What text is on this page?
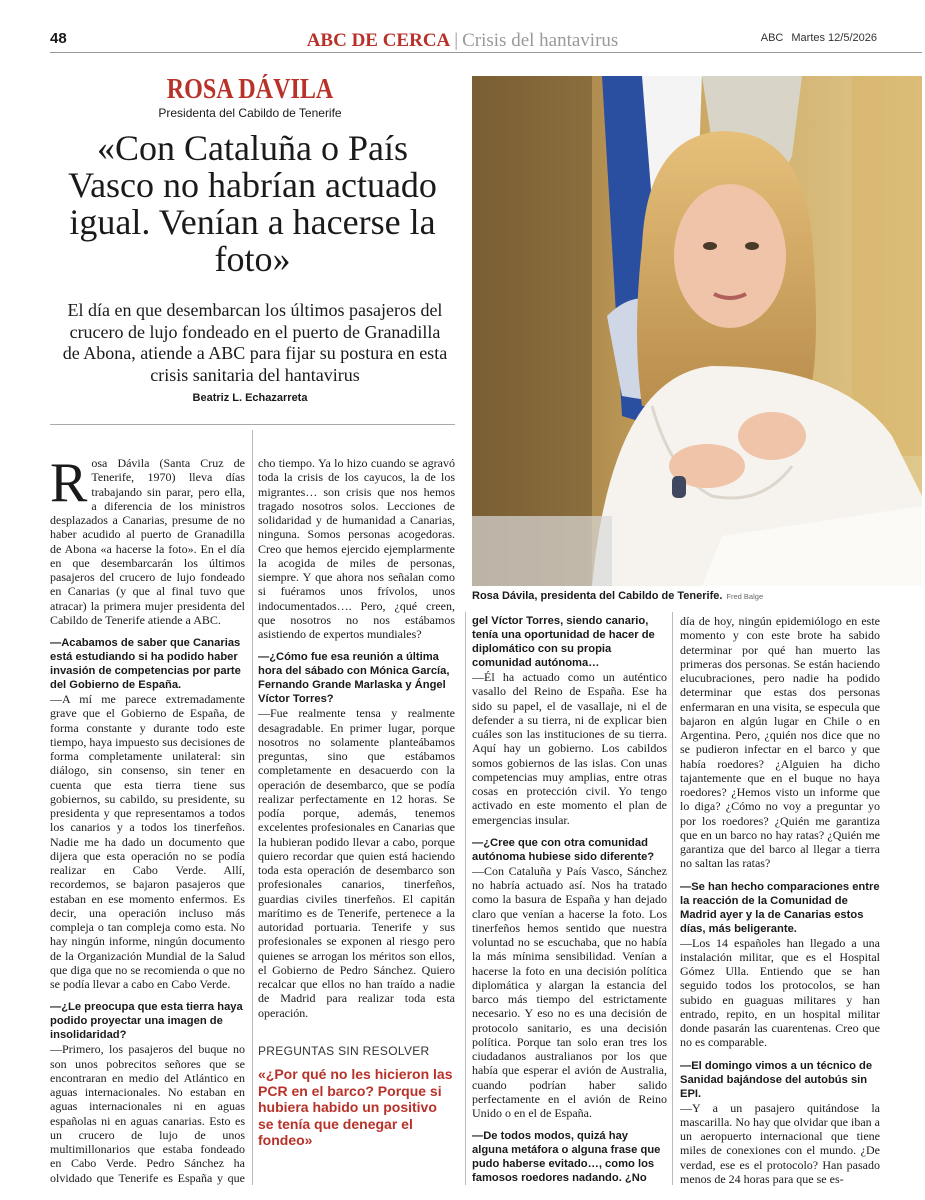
48	ABC DE CERCA | Crisis del hantavirus	ABC Martes 12/5/2026
ROSA DÁVILA
Presidenta del Cabildo de Tenerife
«Con Cataluña o País Vasco no habrían actuado igual. Venían a hacerse la foto»
El día en que desembarcan los últimos pasajeros del crucero de lujo fondeado en el puerto de Granadilla de Abona, atiende a ABC para fijar su postura en esta crisis sanitaria del hantavirus
Beatriz L. Echazarreta
Rosa Dávila, presidenta del Cabildo de Tenerife. Fred Balge

Rosa Dávila (Santa Cruz de Tenerife, 1970) lleva días trabajando sin parar, pero ella, a diferencia de los ministros desplazados a Canarias, presume de no haber acudido al puerto de Granadilla de Abona «a hacerse la foto». En el día en que desembarcarán los últimos pasajeros del crucero de lujo fondeado en Canarias (y que al final tuvo que atracar) la primera mujer presidenta del Cabildo de Tenerife atiende a ABC.

—Acabamos de saber que Canarias está estudiando si ha podido haber invasión de competencias por parte del Gobierno de España.

—A mí me parece extremadamente grave que el Gobierno de España, de forma constante y durante todo este tiempo, haya impuesto sus decisiones de forma completamente unilateral: sin diálogo, sin consenso, sin tener en cuenta que esta tierra tiene sus gobiernos, su cabildo, su presidente, su presidenta y que representamos a todos los canarios y a todos los tinerfeños. Nadie me ha dado un documento que dijera que esta operación no se podía realizar en Cabo Verde. Allí, recordemos, se bajaron pasajeros que estaban en ese momento enfermos. Es decir, una operación incluso más compleja o tan compleja como esta. No hay ningún informe, ningún documento de la Organización Mundial de la Salud que diga que no se recomienda o que no se podía llevar a cabo en Cabo Verde.

—¿Le preocupa que esta tierra haya podido proyectar una imagen de insolidaridad?

—Primero, los pasajeros del buque no son unos pobrecitos señores que se encontraran en medio del Atlántico en aguas internacionales. No estaban en aguas internacionales ni en aguas españolas ni en aguas canarias. Esto es un crucero de lujo de unos multimillonarios que estaba fondeado en Cabo Verde. Pedro Sánchez ha olvidado que Tenerife es España y que

cho tiempo. Ya lo hizo cuando se agravó toda la crisis de los cayucos, la de los migrantes… son crisis que nos hemos tragado nosotros solos. Lecciones de solidaridad y de humanidad a Canarias, ninguna. Somos personas acogedoras. Creo que hemos ejercido ejemplarmente la acogida de miles de personas, siempre. Y que ahora nos señalan como si fuéramos unos frívolos, unos indocumentados…. Pero, ¿qué creen, que nosotros no nos estábamos asistiendo de expertos mundiales?

—¿Cómo fue esa reunión a última hora del sábado con Mónica García, Fernando Grande Marlaska y Ángel Víctor Torres?

—Fue realmente tensa y realmente desagradable. En primer lugar, porque nosotros no solamente planteábamos preguntas, sino que estábamos completamente en desacuerdo con la operación de desembarco, que se podía realizar perfectamente en 12 horas. Se podía porque, además, tenemos excelentes profesionales en Canarias que la hubieran podido llevar a cabo, porque quiero recordar que quien está haciendo toda esta operación de desembarco son profesionales canarios, tinerfeños, guardias civiles tinerfeños. El capitán marítimo es de Tenerife, pertenece a la autoridad portuaria. Tenerife y sus profesionales se exponen al riesgo pero quienes se arrogan los méritos son ellos, el Gobierno de Pedro Sánchez. Quiero recalcar que ellos no han traído a nadie de Madrid para realizar toda esta operación.

PREGUNTAS SIN RESOLVER
«¿Por qué no les hicieron las PCR en el barco? Porque si hubiera habido un positivo se tenía que denegar el fondeo»

gel Víctor Torres, siendo canario, tenía una oportunidad de hacer de diplomático con su propia comunidad autónoma…

—Él ha actuado como un auténtico vasallo del Reino de España. Ese ha sido su papel, el de vasallaje, ni el de defender a su tierra, ni de explicar bien cuáles son las instituciones de su tierra. Aquí hay un gobierno. Los cabildos somos gobiernos de las islas. Con unas competencias muy amplias, entre otras cosas en protección civil. Yo tengo activado en este momento el plan de emergencias insular.

—¿Cree que con otra comunidad autónoma hubiese sido diferente?

—Con Cataluña y País Vasco, Sánchez no habría actuado así. Nos ha tratado como la basura de España y han dejado claro que venían a hacerse la foto. Los tinerfeños hemos sentido que nuestra voluntad no se escuchaba, que no había la más mínima sensibilidad. Venían a hacerse la foto en una decisión política diplomática y alargan la estancia del barco más tiempo del estrictamente necesario. Y eso no es una decisión de protocolo sanitario, es una decisión política. Porque tan solo eran tres los ciudadanos australianos por los que había que esperar el avión de Australia, cuando podrían haber salido perfectamente en el avión de Reino Unido o en el de España.

—De todos modos, quizá hay alguna metáfora o alguna frase que pudo haberse evitado…, como los famosos roedores nadando. ¿No

día de hoy, ningún epidemiólogo en este momento y con este brote ha sabido determinar por qué han muerto las primeras dos personas. Se están haciendo elucubraciones, pero nadie ha podido determinar que estas dos personas enfermaran en una visita, se especula que bajaron en algún lugar en Chile o en Argentina. Pero, ¿quién nos dice que no se pudieron infectar en el barco y que había roedores? ¿Alguien ha dicho tajantemente que en el buque no haya roedores? ¿Hemos visto un informe que lo diga? ¿Cómo no voy a preguntar yo por los roedores? ¿Quién me garantiza que en un barco no hay ratas? ¿Quién me garantiza que del barco al llegar a tierra no saltan las ratas?

—Se han hecho comparaciones entre la reacción de la Comunidad de Madrid ayer y la de Canarias estos días, más beligerante.

—Los 14 españoles han llegado a una instalación militar, que es el Hospital Gómez Ulla. Entiendo que se han seguido todos los protocolos, se han subido en guaguas militares y han entrado, repito, en un hospital militar donde pasarán las cuarentenas. Creo que no es comparable.

—El domingo vimos a un técnico de Sanidad bajándose del autobús sin EPI.

—Y a un pasajero quitándose la mascarilla. No hay que olvidar que iban a un aeropuerto internacional que tiene miles de conexiones con el mundo. ¿De verdad, ese es el protocolo? Han pasado menos de 24 horas para que se es-
